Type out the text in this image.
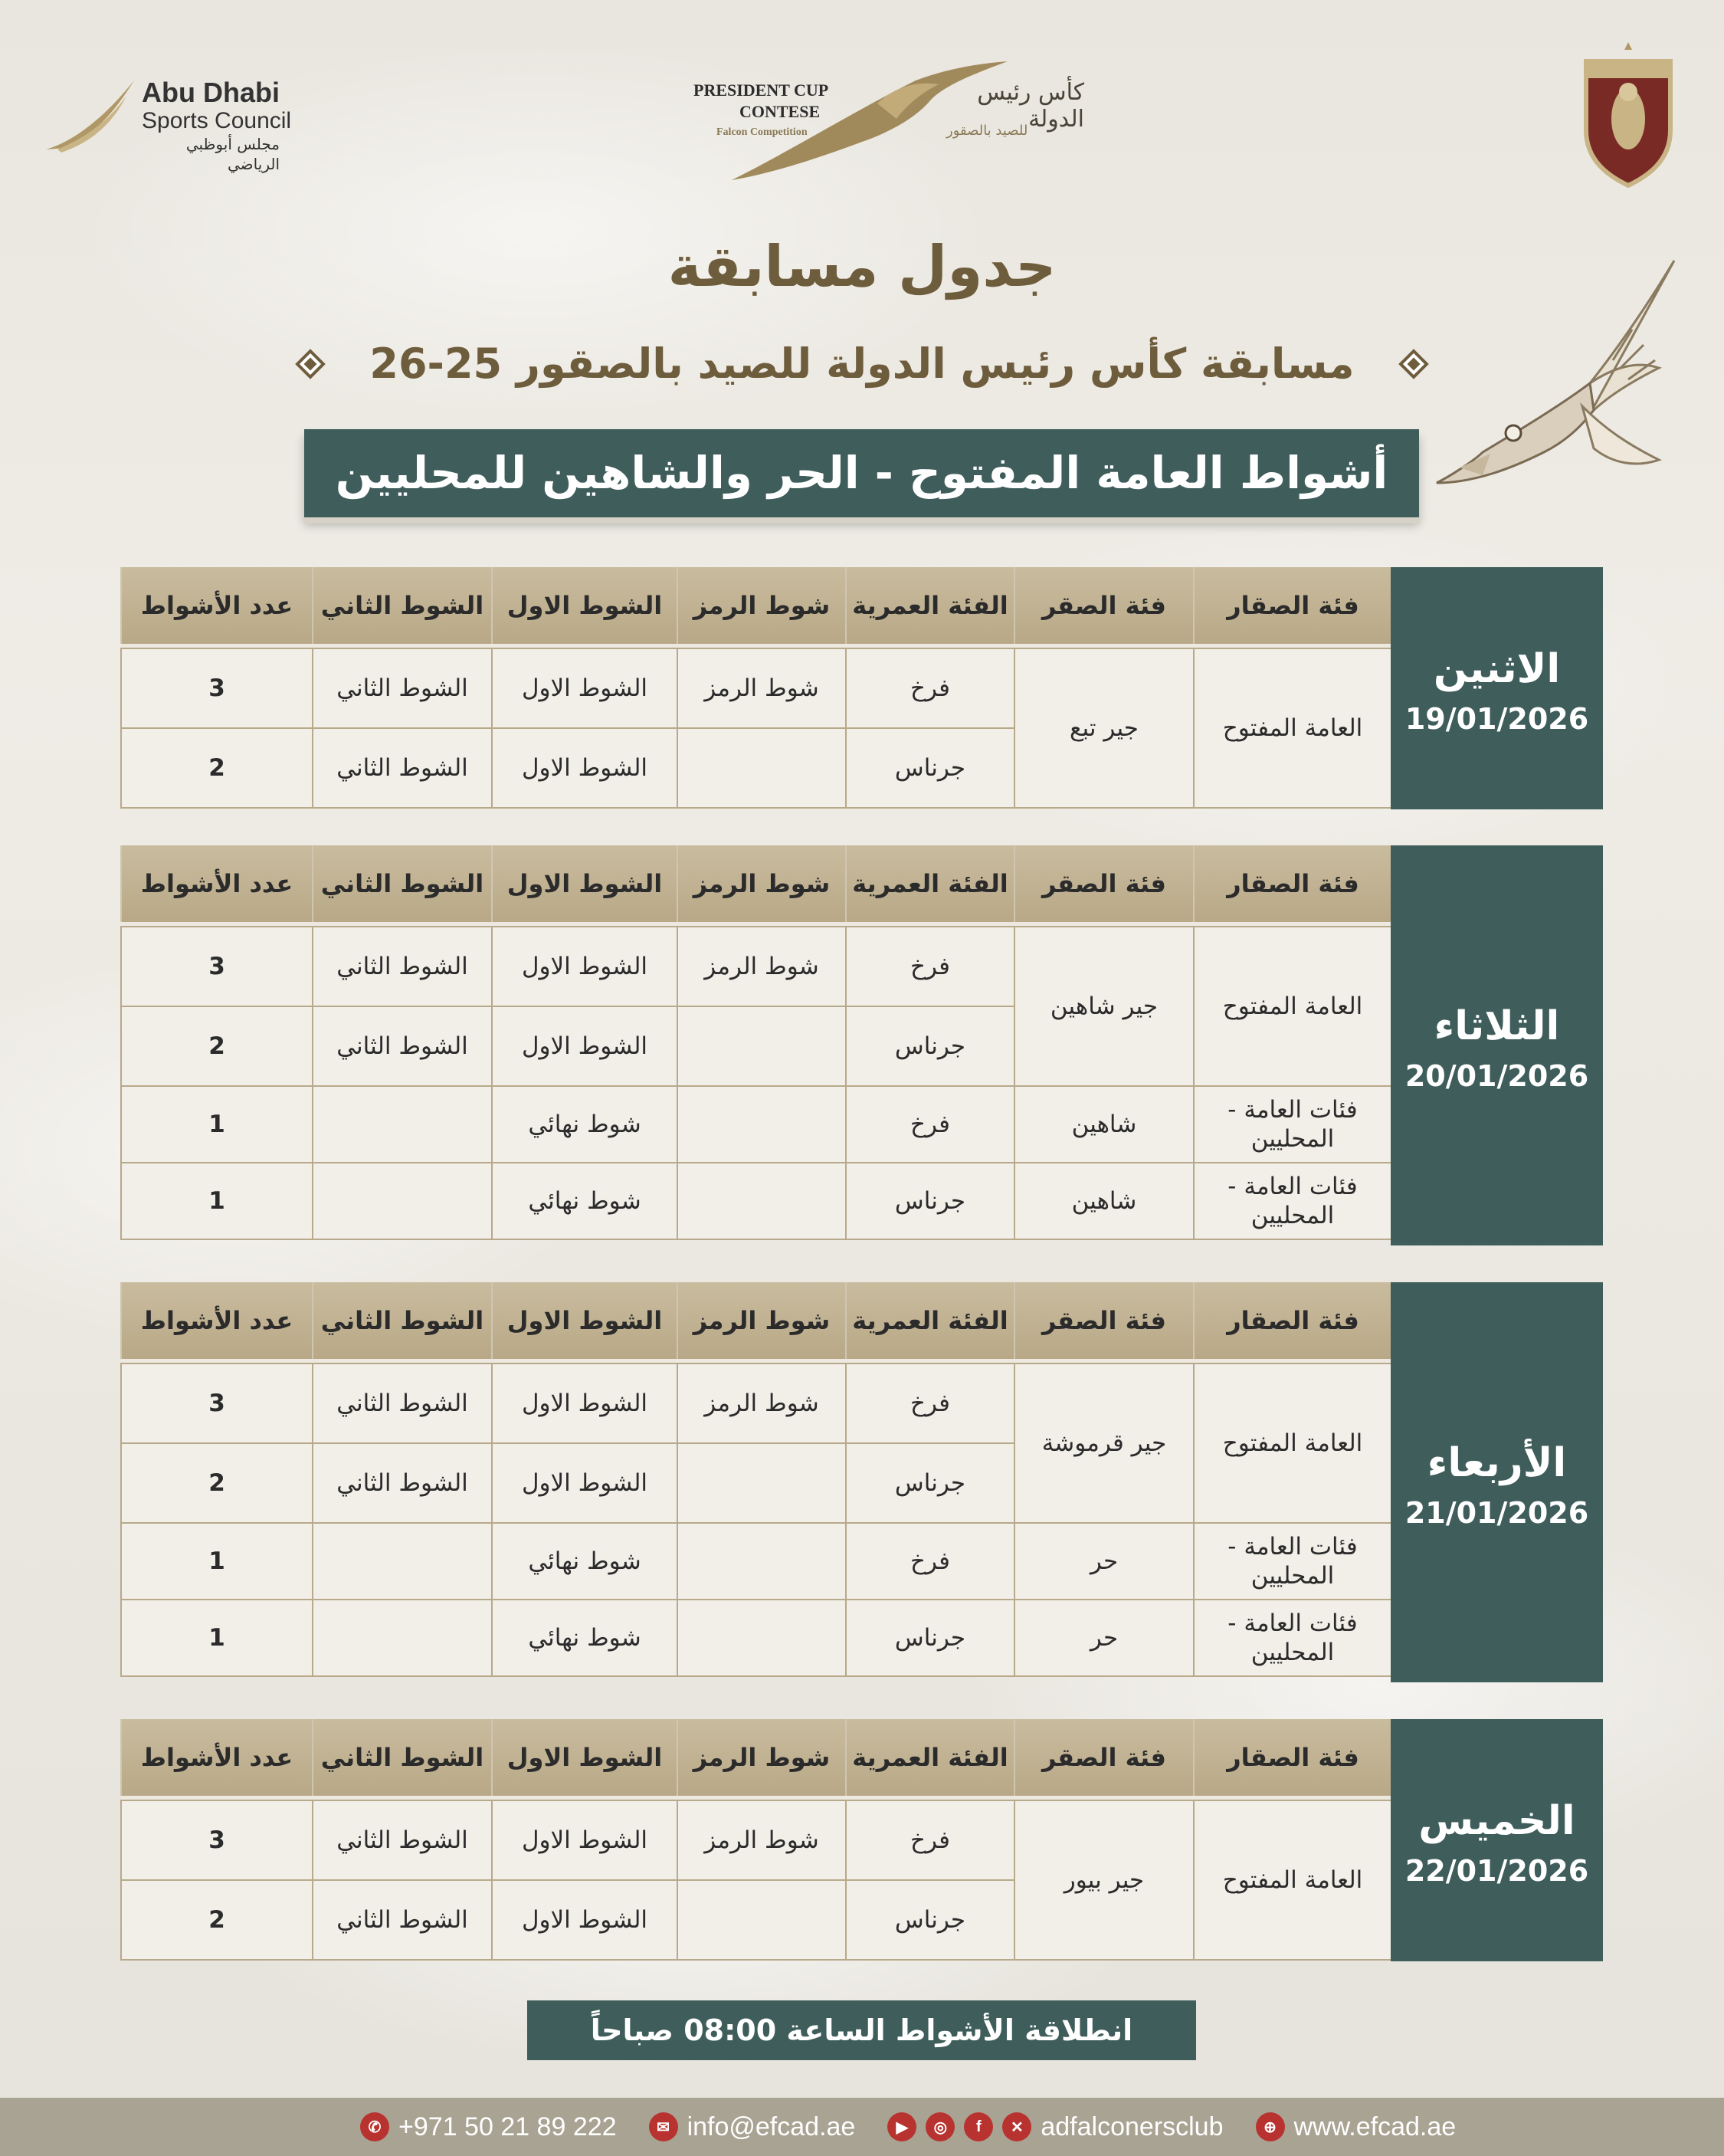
Abu Dhabi
Sports Council
مجلس أبوظبي الرياضي
PRESIDENT CUP
CONTESE
Falcon Competition
كأس رئيس الدولة
للصيد بالصقور
جدول مسابقة
مسابقة كأس رئيس الدولة للصيد بالصقور 25-26
أشواط العامة المفتوح - الحر والشاهين للمحليين
فئة الصقار	فئة الصقر	الفئة العمرية	شوط الرمز	الشوط الاول	الشوط الثاني	عدد الأشواط

العامة المفتوح	جير تبع	فرخ	شوط الرمز	الشوط الاول	الشوط الثاني	3
		جرناس		الشوط الاول	الشوط الثاني	2
الاثنين
19/01/2026
فئة الصقار	فئة الصقر	الفئة العمرية	شوط الرمز	الشوط الاول	الشوط الثاني	عدد الأشواط

العامة المفتوح	جير شاهين	فرخ	شوط الرمز	الشوط الاول	الشوط الثاني	3
		جرناس		الشوط الاول	الشوط الثاني	2
فئات العامة - المحليين	شاهين	فرخ		شوط نهائي		1
فئات العامة - المحليين	شاهين	جرناس		شوط نهائي		1
الثلاثاء
20/01/2026
فئة الصقار	فئة الصقر	الفئة العمرية	شوط الرمز	الشوط الاول	الشوط الثاني	عدد الأشواط

العامة المفتوح	جير قرموشة	فرخ	شوط الرمز	الشوط الاول	الشوط الثاني	3
		جرناس		الشوط الاول	الشوط الثاني	2
فئات العامة - المحليين	حر	فرخ		شوط نهائي		1
فئات العامة - المحليين	حر	جرناس		شوط نهائي		1
الأربعاء
21/01/2026
فئة الصقار	فئة الصقر	الفئة العمرية	شوط الرمز	الشوط الاول	الشوط الثاني	عدد الأشواط

العامة المفتوح	جير بيور	فرخ	شوط الرمز	الشوط الاول	الشوط الثاني	3
		جرناس		الشوط الاول	الشوط الثاني	2
الخميس
22/01/2026
انطلاقة الأشواط الساعة 08:00 صباحاً
✆ +971 50 21 89 222	✉ info@efcad.ae	▶	◎	f	✕ adfalconersclub	⊕ www.efcad.ae
